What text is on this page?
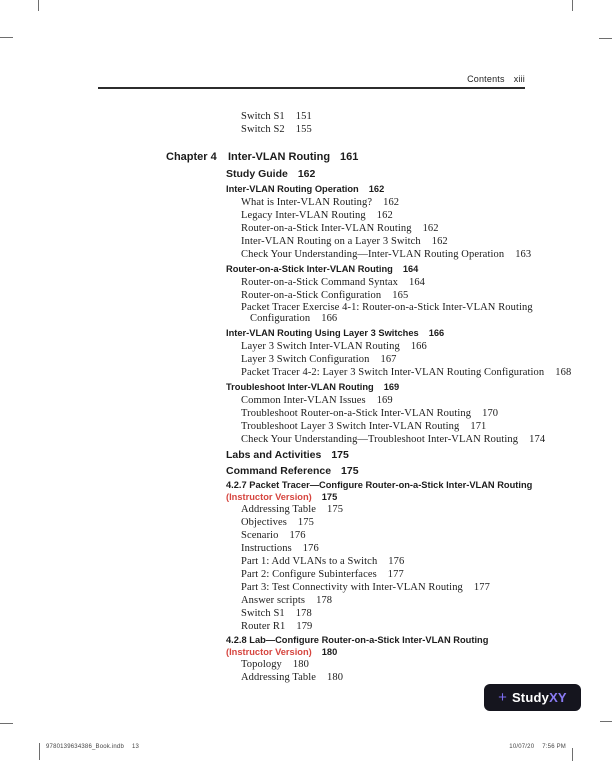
Contents xiii
Switch S1 151
Switch S2 155
Chapter 4 Inter-VLAN Routing 161
Study Guide 162
Inter-VLAN Routing Operation 162
What is Inter-VLAN Routing? 162
Legacy Inter-VLAN Routing 162
Router-on-a-Stick Inter-VLAN Routing 162
Inter-VLAN Routing on a Layer 3 Switch 162
Check Your Understanding—Inter-VLAN Routing Operation 163
Router-on-a-Stick Inter-VLAN Routing 164
Router-on-a-Stick Command Syntax 164
Router-on-a-Stick Configuration 165
Packet Tracer Exercise 4-1: Router-on-a-Stick Inter-VLAN Routing
Configuration 166
Inter-VLAN Routing Using Layer 3 Switches 166
Layer 3 Switch Inter-VLAN Routing 166
Layer 3 Switch Configuration 167
Packet Tracer 4-2: Layer 3 Switch Inter-VLAN Routing Configuration 168
Troubleshoot Inter-VLAN Routing 169
Common Inter-VLAN Issues 169
Troubleshoot Router-on-a-Stick Inter-VLAN Routing 170
Troubleshoot Layer 3 Switch Inter-VLAN Routing 171
Check Your Understanding—Troubleshoot Inter-VLAN Routing 174
Labs and Activities 175
Command Reference 175
4.2.7 Packet Tracer—Configure Router-on-a-Stick Inter-VLAN Routing
(Instructor Version) 175
Addressing Table 175
Objectives 175
Scenario 176
Instructions 176
Part 1: Add VLANs to a Switch 176
Part 2: Configure Subinterfaces 177
Part 3: Test Connectivity with Inter-VLAN Routing 177
Answer scripts 178
Switch S1 178
Router R1 179
4.2.8 Lab—Configure Router-on-a-Stick Inter-VLAN Routing
(Instructor Version) 180
Topology 180
Addressing Table 180
+ Study XY
9780139634386_Book.indb 13	10/07/20 7:56 PM
